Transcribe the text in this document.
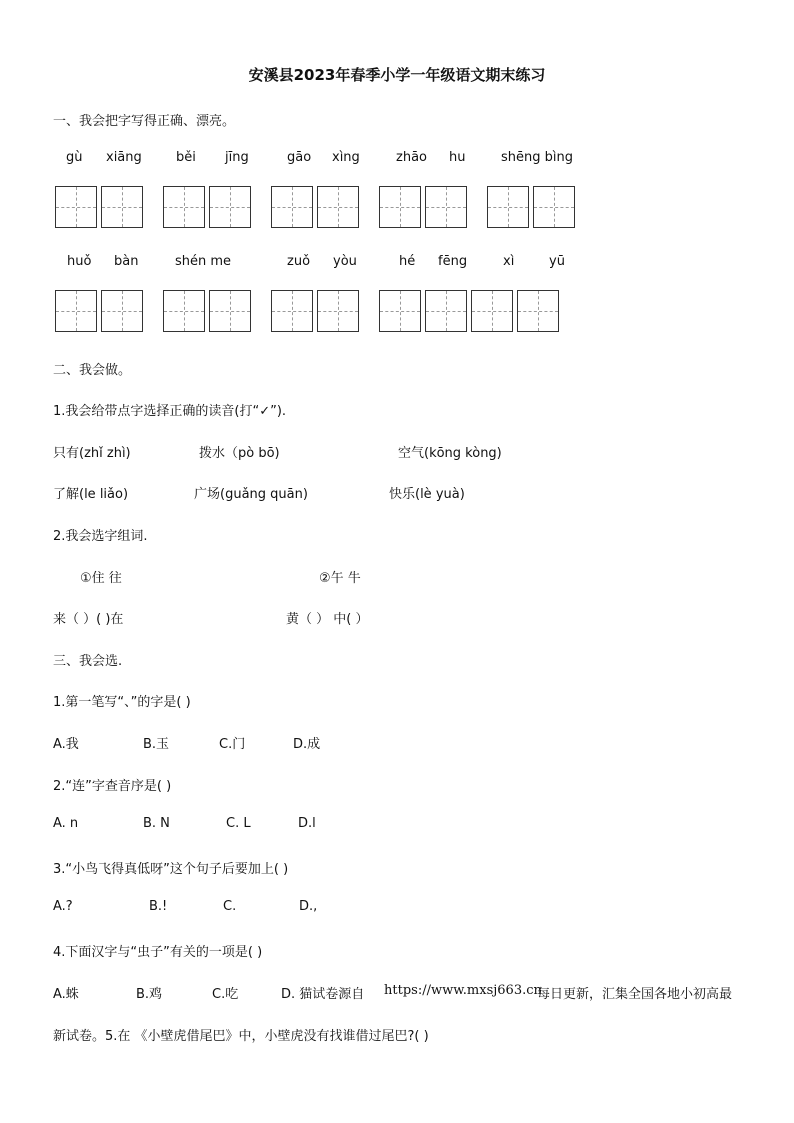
安溪县2023年春季小学一年级语文期末练习
一、我会把字写得正确、漂亮。
gù xiāng	běi jīng	gāo xìng	zhāo hu	shēng bìng
huǒ bàn	shén me	zuǒ yòu	hé fēng	xì	yū
二、我会做。
1.我会给带点字选择正确的读音(打“✓”).
只有(zhǐ zhì)	拨水（pò bō)	空气(kōng kòng)
了解(le liǎo)	广场(guǎng quān)	快乐(lè yuà)
2.我会选字组词.
①住 往	②午 牛
来（ ）( )在	黄（ ） 中( ）
三、我会选.
1.第一笔写“、”的字是( )
A.我	B.玉	C.门	D.成
2.“连”字查音序是( )
A. n	B. N	C. L	D.l
3.“小鸟飞得真低呀”这个句子后要加上( )
A.?	B.!	C.	D.,
4.下面汉字与“虫子”有关的一项是( )
A.蛛	B.鸡	C.吃	D. 猫试卷源自 https://www.mxsj663.cn
每日更新，汇集全国各地小初高最
新试卷。5.在 《小壁虎借尾巴》中，小壁虎没有找谁借过尾巴?( )
